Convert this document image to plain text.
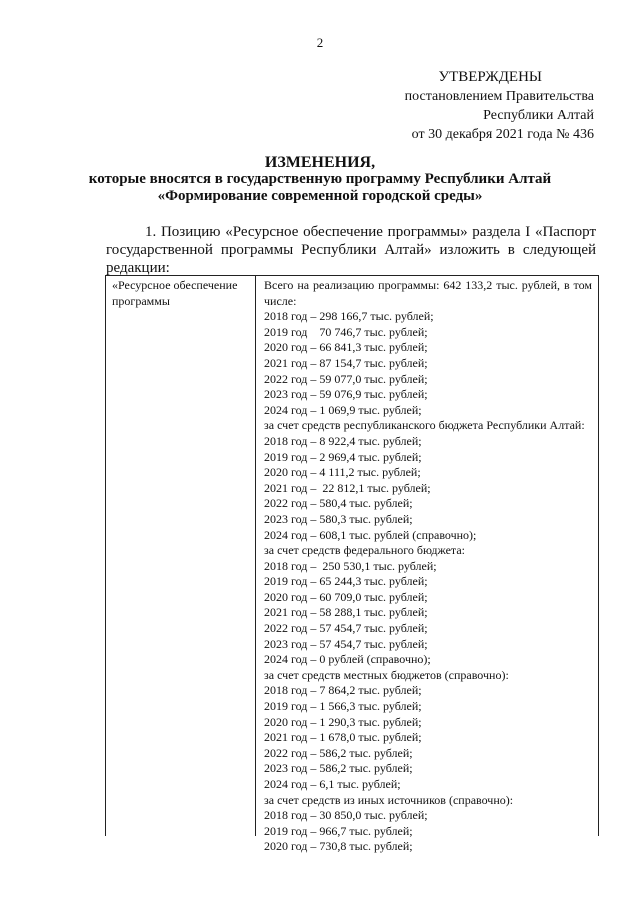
2
УТВЕРЖДЕНЫ
постановлением Правительства
Республики Алтай
от 30 декабря 2021 года № 436
ИЗМЕНЕНИЯ,
которые вносятся в государственную программу Республики Алтай
«Формирование современной городской среды»
1. Позицию «Ресурсное обеспечение программы» раздела I «Паспорт государственной программы Республики Алтай» изложить в следующей редакции:
«Ресурсное обеспечение программы
Всего на реализацию программы: 642 133,2 тыс. рублей, в том числе:
2018 год – 298 166,7 тыс. рублей;
2019 год    70 746,7 тыс. рублей;
2020 год – 66 841,3 тыс. рублей;
2021 год – 87 154,7 тыс. рублей;
2022 год – 59 077,0 тыс. рублей;
2023 год – 59 076,9 тыс. рублей;
2024 год – 1 069,9 тыс. рублей;
за счет средств республиканского бюджета Республики Алтай:
2018 год – 8 922,4 тыс. рублей;
2019 год – 2 969,4 тыс. рублей;
2020 год – 4 111,2 тыс. рублей;
2021 год –  22 812,1 тыс. рублей;
2022 год – 580,4 тыс. рублей;
2023 год – 580,3 тыс. рублей;
2024 год – 608,1 тыс. рублей (справочно);
за счет средств федерального бюджета:
2018 год –  250 530,1 тыс. рублей;
2019 год – 65 244,3 тыс. рублей;
2020 год – 60 709,0 тыс. рублей;
2021 год – 58 288,1 тыс. рублей;
2022 год – 57 454,7 тыс. рублей;
2023 год – 57 454,7 тыс. рублей;
2024 год – 0 рублей (справочно);
за счет средств местных бюджетов (справочно):
2018 год – 7 864,2 тыс. рублей;
2019 год – 1 566,3 тыс. рублей;
2020 год – 1 290,3 тыс. рублей;
2021 год – 1 678,0 тыс. рублей;
2022 год – 586,2 тыс. рублей;
2023 год – 586,2 тыс. рублей;
2024 год – 6,1 тыс. рублей;
за счет средств из иных источников (справочно):
2018 год – 30 850,0 тыс. рублей;
2019 год – 966,7 тыс. рублей;
2020 год – 730,8 тыс. рублей;
